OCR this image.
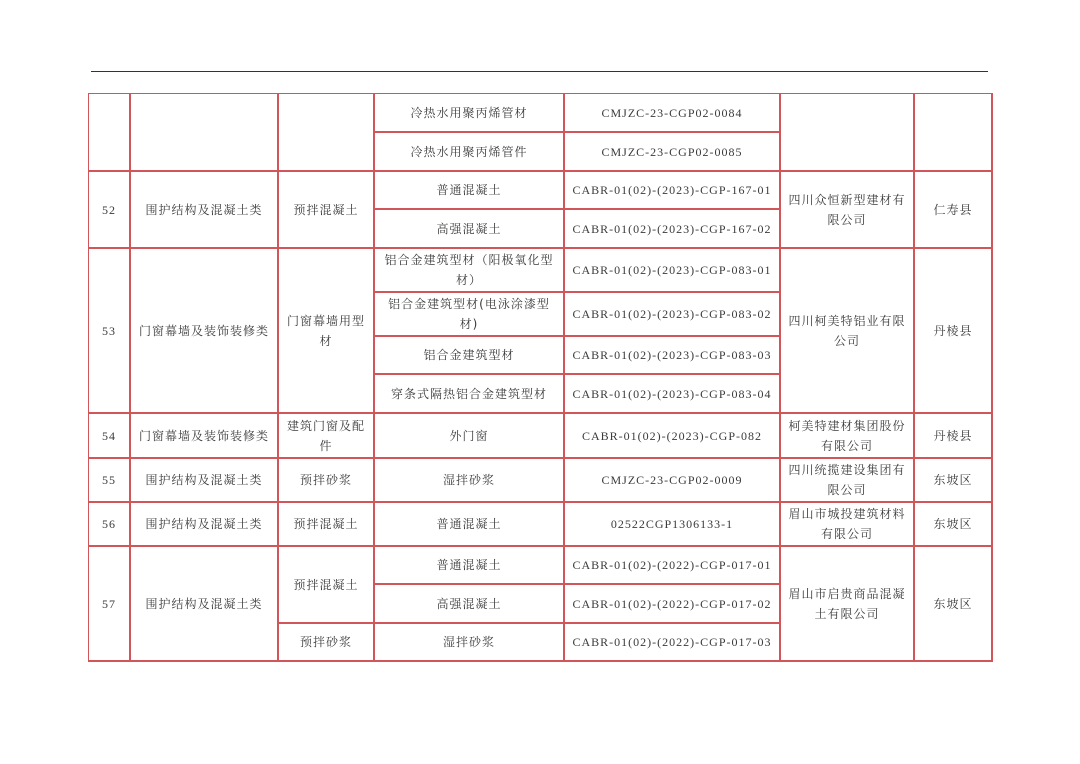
			冷热水用聚丙烯管材	CMJZC-23-CGP02-0084		
			冷热水用聚丙烯管件	CMJZC-23-CGP02-0085		
52	围护结构及混凝土类	预拌混凝土	普通混凝土	CABR-01(02)-(2023)-CGP-167-01	四川众恒新型建材有限公司	仁寿县
			高强混凝土	CABR-01(02)-(2023)-CGP-167-02		
53	门窗幕墙及装饰装修类	门窗幕墙用型材	铝合金建筑型材（阳极氧化型材）	CABR-01(02)-(2023)-CGP-083-01	四川柯美特铝业有限公司	丹棱县
			铝合金建筑型材(电泳涂漆型材)	CABR-01(02)-(2023)-CGP-083-02		
			铝合金建筑型材	CABR-01(02)-(2023)-CGP-083-03		
			穿条式隔热铝合金建筑型材	CABR-01(02)-(2023)-CGP-083-04		
54	门窗幕墙及装饰装修类	建筑门窗及配件	外门窗	CABR-01(02)-(2023)-CGP-082	柯美特建材集团股份有限公司	丹棱县
55	围护结构及混凝土类	预拌砂浆	湿拌砂浆	CMJZC-23-CGP02-0009	四川统揽建设集团有限公司	东坡区
56	围护结构及混凝土类	预拌混凝土	普通混凝土	02522CGP1306133-1	眉山市城投建筑材料有限公司	东坡区
57	围护结构及混凝土类	预拌混凝土	普通混凝土	CABR-01(02)-(2022)-CGP-017-01	眉山市启贵商品混凝土有限公司	东坡区
			高强混凝土	CABR-01(02)-(2022)-CGP-017-02		
		预拌砂浆	湿拌砂浆	CABR-01(02)-(2022)-CGP-017-03		
